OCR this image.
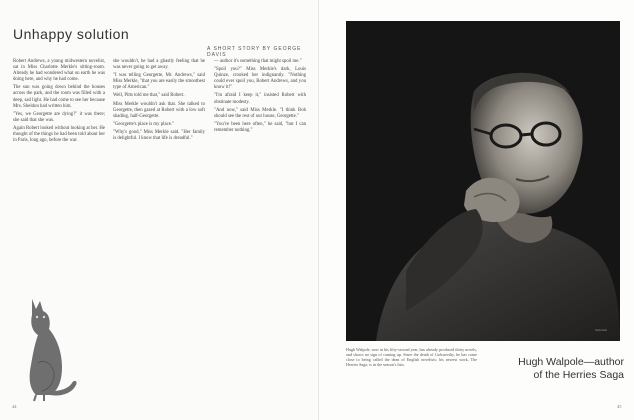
Unhappy solution
A SHORT STORY BY GEORGE DAVIS

Robert Andrews, a young midwestern novelist, sat in Miss Charlotte Merkle's sitting-room. Already he had wondered what on earth he was doing here, and why he had come.

The sun was going down behind the houses across the park, and the room was filled with a deep, sad light. He had come to see her because Mrs. Sheldon had written him.

"Yes, we Georgette are dying?" it was there; she said that she was.

Again Robert looked without looking at her. He thought of the things he had been told about her in Paris, long ago, before the war.

she wouldn't, he had a ghastly feeling that he was never going to get away.

"I was telling Georgette, Mr. Andrews," said Miss Merkle, "that you are easily the smoothest type of American."

Well, Pitts told me that," said Robert.

Miss Merkle wouldn't ask that. She talked to Georgette, then gazed at Robert with a low soft shading, half-Georgette.

"Georgette's place is my place."

"Why's good," Miss Merkle said. "Her family is delightful. I know that life is dreadful."

— author it's something that might spoil me."

"Spoil you?" Miss Merkle's dark, Louis Quinze, crooked her indignantly. "Nothing could ever spoil you, Robert Andrews, and you know it!"

"I'm afraid I keep it," insisted Robert with obstinate modesty.

"And now," said Miss Merkle. "I think Bob should see the rest of our house, Georgette."

"You've been here often," he said, "but I can remember nothing."

44
Steichen
Hugh Walpole, now in his fifty-second year, has already produced thirty novels, and shows no sign of coming up. Since the death of Galsworthy, he has come close to being called the dean of English novelists; his newest work, The Herries Saga, is in the season's lists.	Hugh Walpole—author
of the Herries Saga
45
